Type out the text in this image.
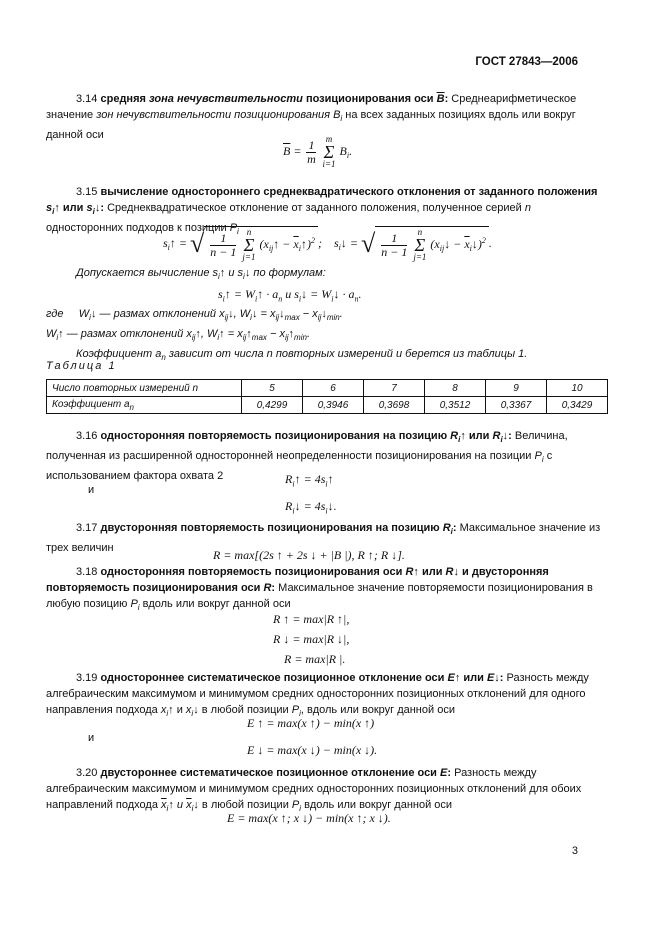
ГОСТ 27843—2006
3.14 средняя зона нечувствительности позиционирования оси $\overline{B}$: Среднеарифметическое значение зон нечувствительности позиционирования $B_i$ на всех заданных позициях вдоль или вокруг данной оси
$\overline{B} = \frac{1}{m}$ m
Σ
i=1 $B_i$.
3.15 вычисление одностороннего среднеквадратического отклонения от заданного положения $s_i↑$ или $s_i↓$: Среднеквадратическое отклонение от заданного положения, полученное серией n односторонних подходов к позиции $P_i$
$s_i↑$ = √ $\frac{1}{n - 1}$ n
Σ
j=1 ($x_{ij}↑$ − $\overline{x}_i↑)^2$ ; $s_i↓$ = √ $\frac{1}{n - 1}$ n
Σ
j=1 ($x_{ij}↓$ − $\overline{x}_i↓)^2$ .
Допускается вычисление $s_i↑$ и $s_i↓$ по формулам:
$s_i↑$ = $W_i↑ \cdot a_n$ и $s_i↓$ = $W_i↓ \cdot a_n$.
где $W_i↓$ — размах отклонений $x_{ij}↓$, $W_i↓$ = $x_{ij}↓_{max}$ − $x_{ij}↓_{min}$.
$W_i↑$ — размах отклонений $x_{ij}↑$, $W_i↑$ = $x_{ij}↑_{max}$ − $x_{ij}↑_{min}$.
Коэффициент $a_n$ зависит от числа n повторных измерений и берется из таблицы 1.
Таблица 1
Число повторных измерений n	5	6	7	8	9	10
Коэффициент $a_n$	0,4299	0,3946	0,3698	0,3512	0,3367	0,3429
3.16 односторонняя повторяемость позиционирования на позицию $R_i↑$ или $R_i↓$: Величина, полученная из расширенной односторонней неопределенности позиционирования на позиции $P_i$ с использованием фактора охвата 2	$R_i↑$ = $4s_i↑$
и
$R_i↓$ = $4s_i↓$.
3.17 двусторонняя повторяемость позиционирования на позицию $R_i$: Максимальное значение из трех величин	R = max[(2s ↑ + 2s ↓ + |B |), R ↑; R ↓].
3.18 односторонняя повторяемость позиционирования оси R↑ или R↓ и двусторонняя повторяемость позиционирования оси R: Максимальное значение повторяемости позиционирования в любую позицию $P_i$ вдоль или вокруг данной оси
R ↑ = max|R ↑|,
R ↓ = max|R ↓|,
R = max|R |.
3.19 одностороннее систематическое позиционное отклонение оси E↑ или E↓: Разность между алгебраическим максимумом и минимумом средних односторонних позиционных отклонений для одного направления подхода $x_i↑$ и $x_i↓$ в любой позиции $P_i$, вдоль или вокруг данной оси
E ↑ = max(x ↑) − min(x ↑)
и
E ↓ = max(x ↓) − min(x ↓).
3.20 двустороннее систематическое позиционное отклонение оси E: Разность между алгебраическим максимумом и минимумом средних односторонних позиционных отклонений для обоих направлений подхода $\overline{x}_i↑$ и $\overline{x}_i↓$ в любой позиции $P_i$ вдоль или вокруг данной оси
E = max(x ↑; x ↓) − min(x ↑; x ↓).
3
